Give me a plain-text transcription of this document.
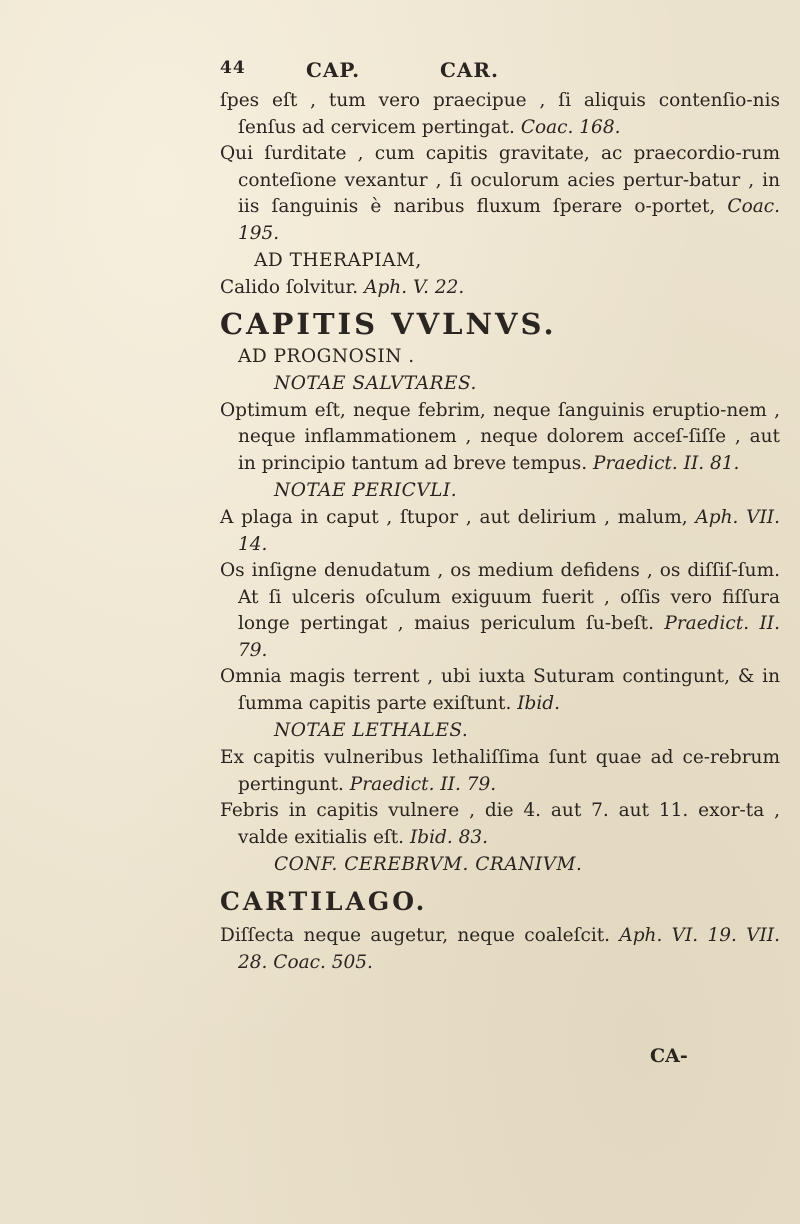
44	CAP.	CAR.

ſpes eſt , tum vero praecipue , ſi aliquis contenſio-nis ſenſus ad cervicem pertingat. Coac. 168.

Qui ſurditate , cum capitis gravitate, ac praecordio-rum conteſione vexantur , ſi oculorum acies pertur-batur , in iis ſanguinis è naribus fluxum ſperare o-portet, Coac. 195.

AD THERAPIAM,

Calido ſolvitur. Aph. V. 22.

CAPITIS VVLNVS.

AD PROGNOSIN .

NOTAE SALVTARES.

Optimum eſt, neque febrim, neque ſanguinis eruptio-nem , neque inflammationem , neque dolorem acceſ-ſiſſe , aut in principio tantum ad breve tempus. Praedict. II. 81.

NOTAE PERICVLI.

A plaga in caput , ſtupor , aut delirium , malum, Aph. VII. 14.

Os inſigne denudatum , os medium defidens , os diſſiſ-ſum. At ſi ulceris oſculum exiguum fuerit , oſſis vero fiſſura longe pertingat , maius periculum ſu-beſt. Praedict. II. 79.

Omnia magis terrent , ubi iuxta Suturam contingunt, & in ſumma capitis parte exiſtunt. Ibid.

NOTAE LETHALES.

Ex capitis vulneribus lethaliſſima ſunt quae ad ce-rebrum pertingunt. Praedict. II. 79.

Febris in capitis vulnere , die 4. aut 7. aut 11. exor-ta , valde exitialis eſt. Ibid. 83.

CONF. CEREBRVM. CRANIVM.

CARTILAGO.

Diſſecta neque augetur, neque coaleſcit. Aph. VI. 19. VII. 28. Coac. 505.

CA-
